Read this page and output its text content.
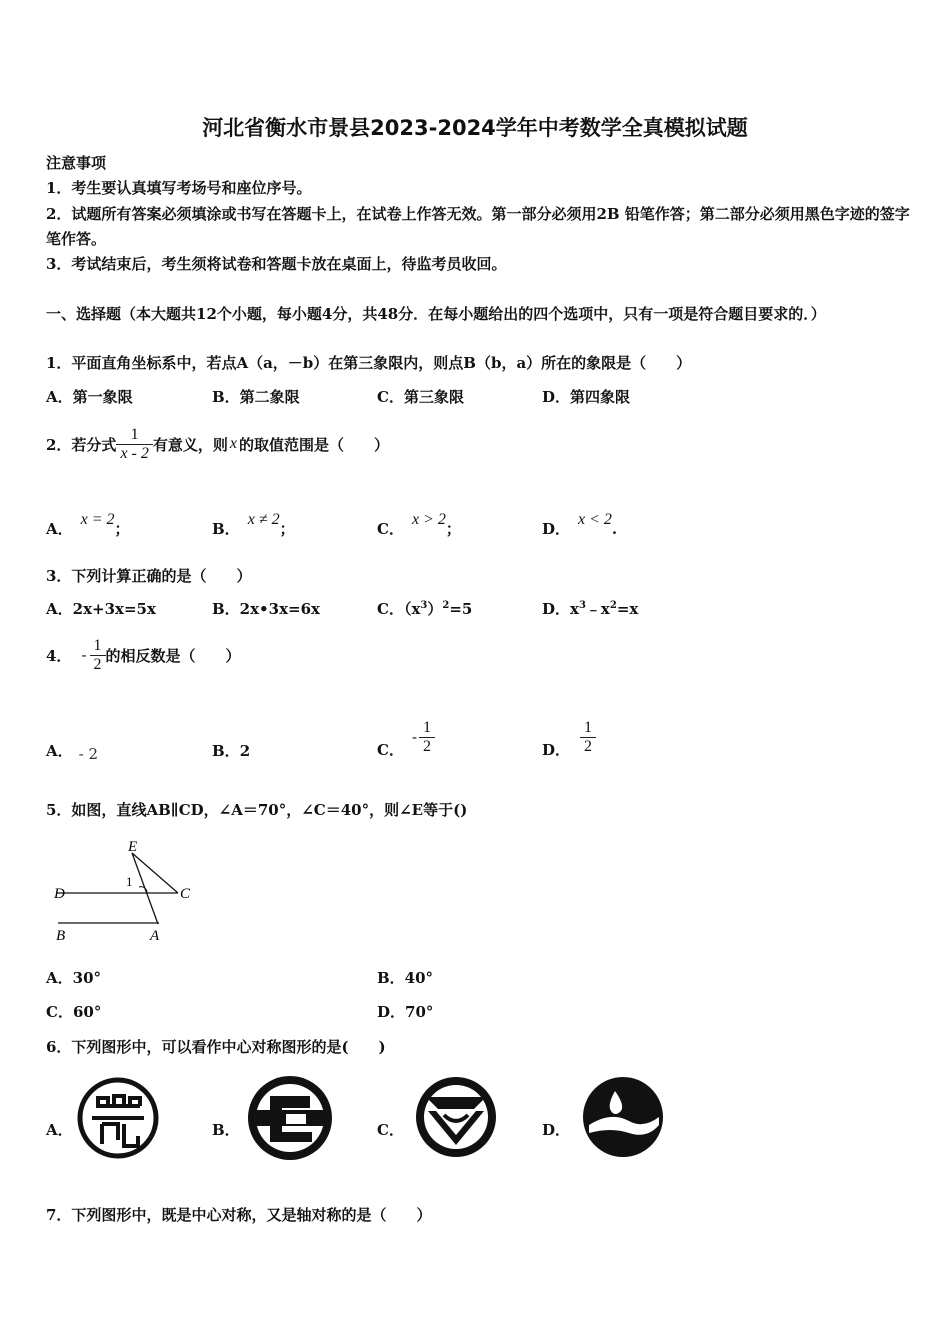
河北省衡水市景县2023-2024学年中考数学全真模拟试题
注意事项
1．考生要认真填写考场号和座位序号。
2．试题所有答案必须填涂或书写在答题卡上，在试卷上作答无效。第一部分必须用2B 铅笔作答；第二部分必须用黑色字迹的签字笔作答。
3．考试结束后，考生须将试卷和答题卡放在桌面上，待监考员收回。
一、选择题（本大题共12个小题，每小题4分，共48分．在每小题给出的四个选项中，只有一项是符合题目要求的．）
1．平面直角坐标系中，若点A（a，－b）在第三象限内，则点B（b，a）所在的象限是（　　）
A．第一象限	B．第二象限	C．第三象限	D．第四象限
2．若分式 $\frac{1}{x - 2}$ 有意义，则 x 的取值范围是（　　）
A．x = 2；	B．x ≠ 2；	C．x > 2；	D．x < 2.
3．下列计算正确的是（　　）
A．2x+3x=5x	B．2x•3x=6x	C．$(x^3)^2=5$	D．$x^3﹣x^2=x$
4． - $\frac{1}{2}$ 的相反数是（　　）
A． - 2	B．2	C．
- $\frac{1}{2}$	D． $\frac{1}{2}$
5．如图，直线AB∥CD，∠A＝70°，∠C＝40°，则∠E等于()
E
1
D	C
B	A
A．30°	B．40°
C．60°	D．70°
6．下列图形中，可以看作中心对称图形的是(　　)
A．	B．	C．	D．
7．下列图形中，既是中心对称，又是轴对称的是（　　）
